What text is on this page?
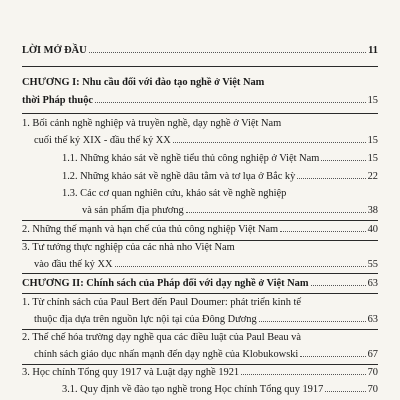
LỜI MỞ ĐẦU	11
CHƯƠNG I: Nhu cầu đối với đào tạo nghề ở Việt Nam
thời Pháp thuộc	15
1. Bối cảnh nghề nghiệp và truyền nghề, dạy nghề ở Việt Nam
cuối thế kỷ XIX - đầu thế kỷ XX	15
1.1. Những khảo sát về nghề tiểu thủ công nghiệp ở Việt Nam	15
1.2. Những khảo sát về nghề dâu tằm và tơ lụa ở Bắc kỳ	22
1.3. Các cơ quan nghiên cứu, khảo sát về nghề nghiệp
và sản phẩm địa phương	38
2. Những thế mạnh và hạn chế của thủ công nghiệp Việt Nam	40
3. Tư tưởng thực nghiệp của các nhà nho Việt Nam
vào đầu thế kỷ XX	55
CHƯƠNG II: Chính sách của Pháp đối với dạy nghề ở Việt Nam	63
1. Từ chính sách của Paul Bert đến Paul Doumer: phát triển kinh tế
thuộc địa dựa trên nguồn lực nội tại của Đông Dương	63
2. Thể chế hóa trường dạy nghề qua các điều luật của Paul Beau và
chính sách giáo dục nhấn mạnh đến dạy nghề của Klobukowski	67
3. Học chính Tổng quy 1917 và Luật dạy nghề 1921	70
3.1. Quy định về đào tạo nghề trong Học chính Tổng quy 1917	70
